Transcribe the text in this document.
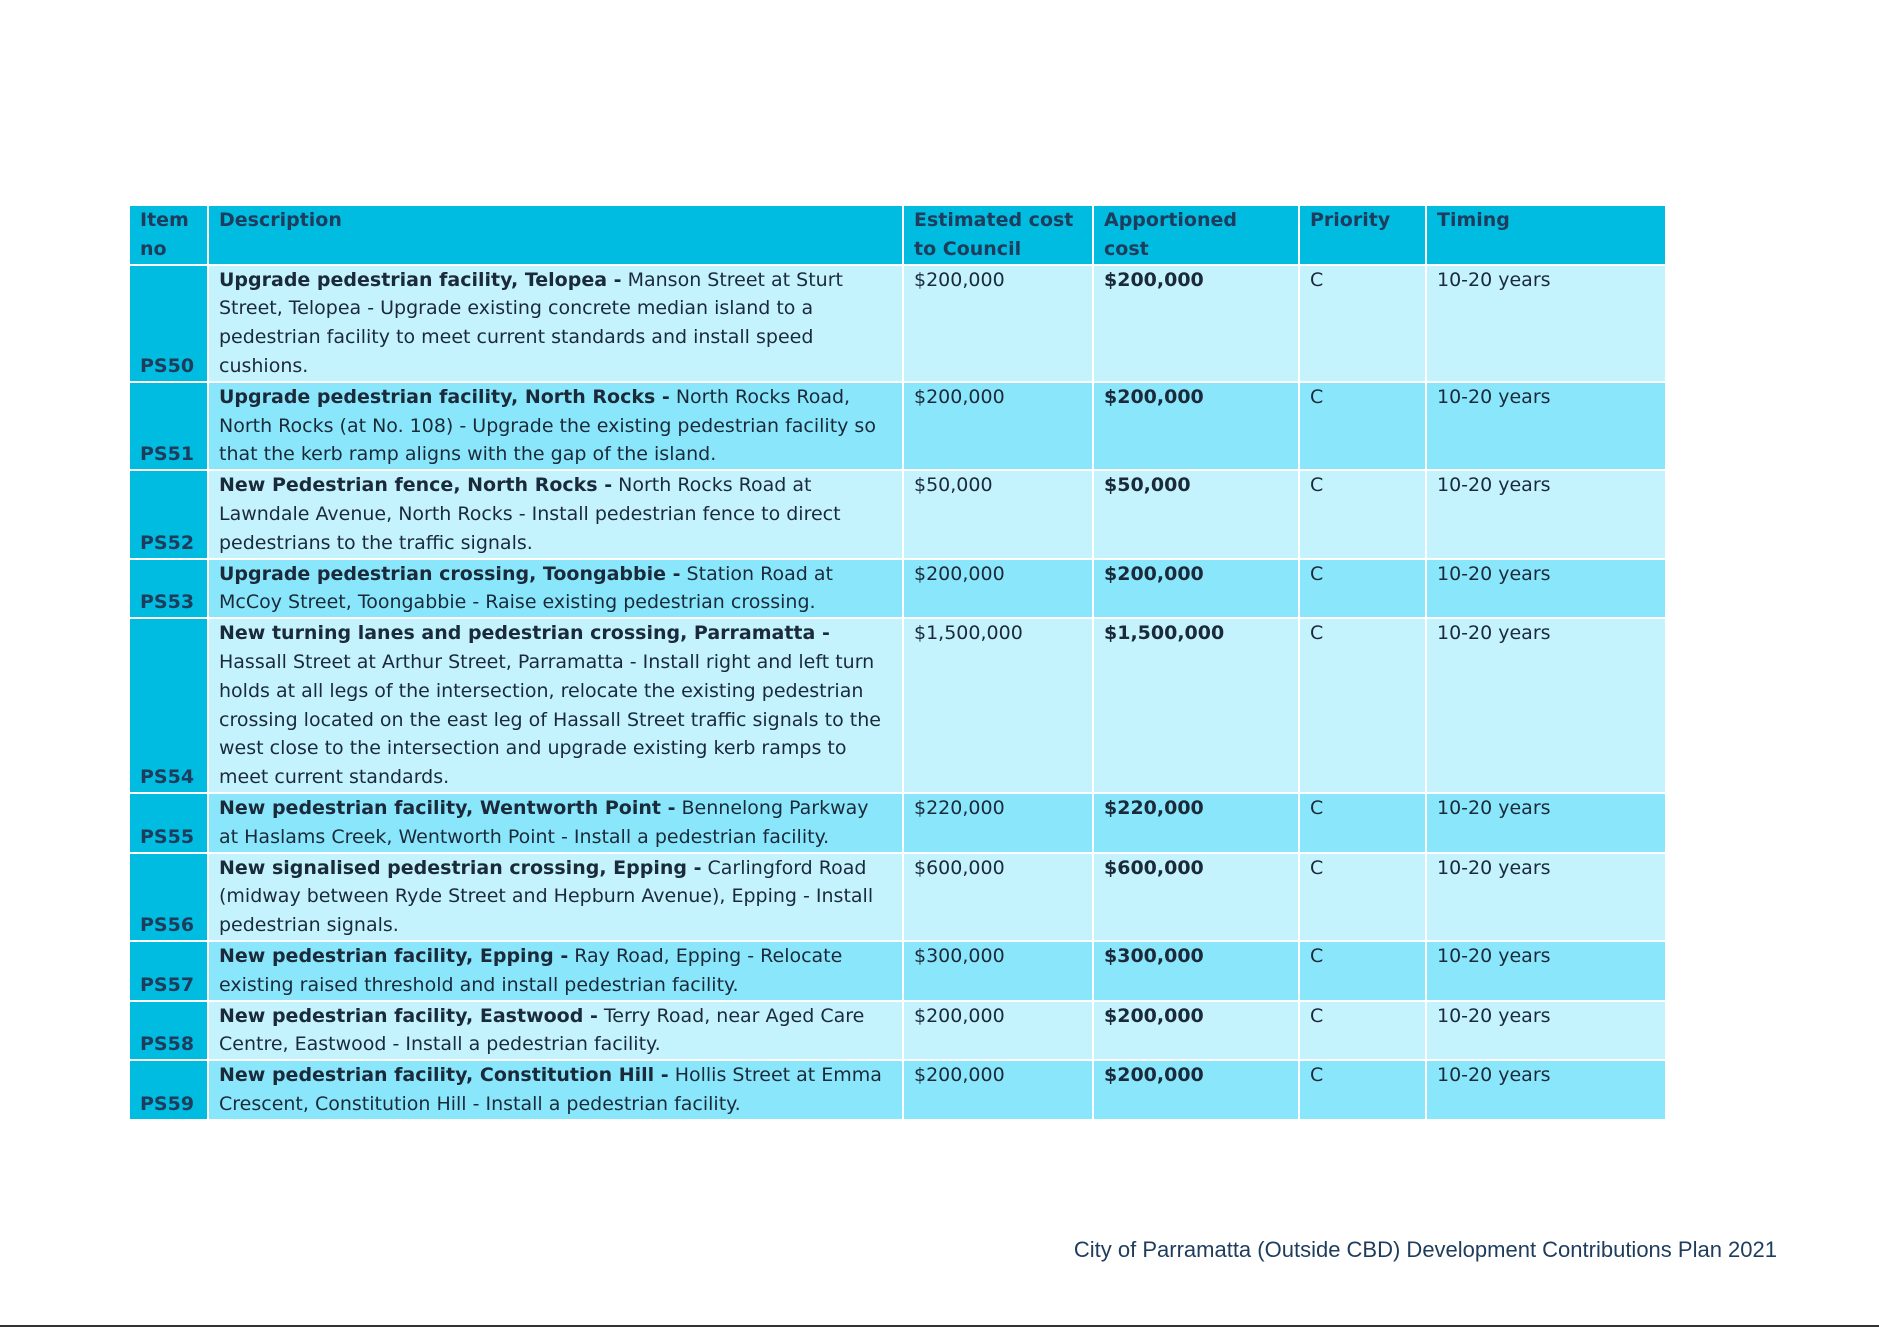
Item no	Description	Estimated cost to Council	Apportioned cost	Priority	Timing
PS50	Upgrade pedestrian facility, Telopea - Manson Street at Sturt Street, Telopea - Upgrade existing concrete median island to a pedestrian facility to meet current standards and install speed cushions.	$200,000	$200,000	C	10-20 years
PS51	Upgrade pedestrian facility, North Rocks - North Rocks Road, North Rocks (at No. 108) - Upgrade the existing pedestrian facility so that the kerb ramp aligns with the gap of the island.	$200,000	$200,000	C	10-20 years
PS52	New Pedestrian fence, North Rocks - North Rocks Road at Lawndale Avenue, North Rocks - Install pedestrian fence to direct pedestrians to the traffic signals.	$50,000	$50,000	C	10-20 years
PS53	Upgrade pedestrian crossing, Toongabbie - Station Road at McCoy Street, Toongabbie - Raise existing pedestrian crossing.	$200,000	$200,000	C	10-20 years
PS54	New turning lanes and pedestrian crossing, Parramatta - Hassall Street at Arthur Street, Parramatta - Install right and left turn holds at all legs of the intersection, relocate the existing pedestrian crossing located on the east leg of Hassall Street traffic signals to the west close to the intersection and upgrade existing kerb ramps to meet current standards.	$1,500,000	$1,500,000	C	10-20 years
PS55	New pedestrian facility, Wentworth Point - Bennelong Parkway at Haslams Creek, Wentworth Point - Install a pedestrian facility.	$220,000	$220,000	C	10-20 years
PS56	New signalised pedestrian crossing, Epping - Carlingford Road (midway between Ryde Street and Hepburn Avenue), Epping - Install pedestrian signals.	$600,000	$600,000	C	10-20 years
PS57	New pedestrian facility, Epping - Ray Road, Epping - Relocate existing raised threshold and install pedestrian facility.	$300,000	$300,000	C	10-20 years
PS58	New pedestrian facility, Eastwood - Terry Road, near Aged Care Centre, Eastwood - Install a pedestrian facility.	$200,000	$200,000	C	10-20 years
PS59	New pedestrian facility, Constitution Hill - Hollis Street at Emma Crescent, Constitution Hill - Install a pedestrian facility.	$200,000	$200,000	C	10-20 years
City of Parramatta (Outside CBD) Development Contributions Plan 2021
